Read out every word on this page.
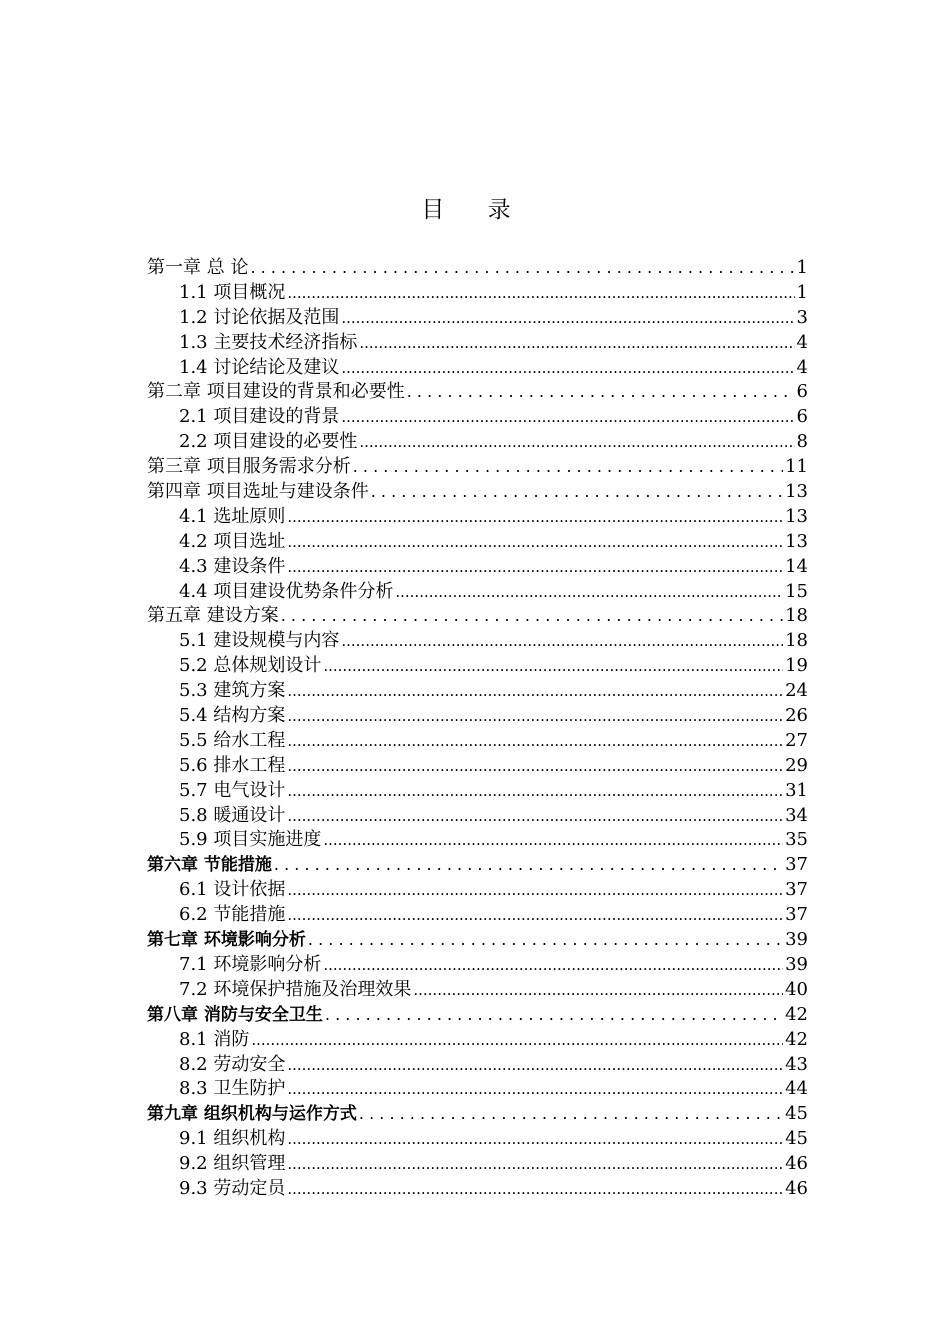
目 录
第一章 总 论 . . .	1
1.1 项目概况 .....	1
1.2 讨论依据及范围 .....	3
1.3 主要技术经济指标 .....	4
1.4 讨论结论及建议 .....	4
第二章 项目建设的背景和必要性 . . .	6
2.1 项目建设的背景 .....	6
2.2 项目建设的必要性 .....	8
第三章 项目服务需求分析 . . .	11
第四章 项目选址与建设条件 . . .	13
4.1 选址原则 .....	13
4.2 项目选址 .....	13
4.3 建设条件 .....	14
4.4 项目建设优势条件分析 .....	15
第五章 建设方案 . . .	18
5.1 建设规模与内容 .....	18
5.2 总体规划设计 .....	19
5.3 建筑方案 .....	24
5.4 结构方案 .....	26
5.5 给水工程 .....	27
5.6 排水工程 .....	29
5.7 电气设计 .....	31
5.8 暖通设计 .....	34
5.9 项目实施进度 .....	35
第六章 节能措施 . . .	37
6.1 设计依据 .....	37
6.2 节能措施 .....	37
第七章 环境影响分析 . . .	39
7.1 环境影响分析 .....	39
7.2 环境保护措施及治理效果 .....	40
第八章 消防与安全卫生 . . .	42
8.1 消防 .....	42
8.2 劳动安全 .....	43
8.3 卫生防护 .....	44
第九章 组织机构与运作方式 . . .	45
9.1 组织机构 .....	45
9.2 组织管理 .....	46
9.3 劳动定员 .....	46
